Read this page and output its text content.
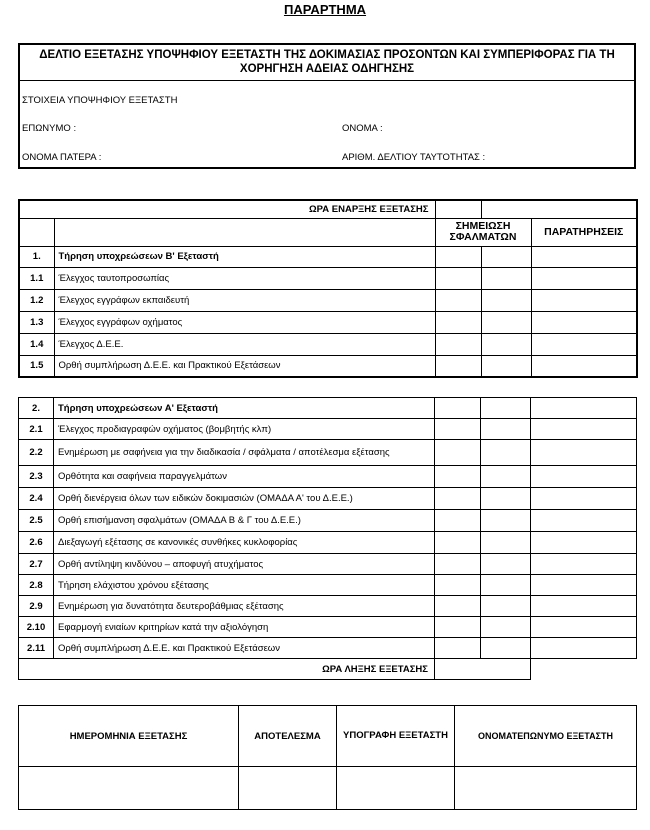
ΠΑΡΑΡΤΗΜΑ
ΔΕΛΤΙΟ ΕΞΕΤΑΣΗΣ ΥΠΟΨΗΦΙΟΥ ΕΞΕΤΑΣΤΗ ΤΗΣ ΔΟΚΙΜΑΣΙΑΣ ΠΡΟΣΟΝΤΩΝ ΚΑΙ ΣΥΜΠΕΡΙΦΟΡΑΣ ΓΙΑ ΤΗ ΧΟΡΗΓΗΣΗ ΑΔΕΙΑΣ ΟΔΗΓΗΣΗΣ
ΣΤΟΙΧΕΙΑ ΥΠΟΨΗΦΙΟΥ ΕΞΕΤΑΣΤΗ
ΕΠΩΝΥΜΟ :	ΟΝΟΜΑ :
ΟΝΟΜΑ ΠΑΤΕΡΑ :	ΑΡΙΘΜ. ΔΕΛΤΙΟΥ ΤΑΥΤΟΤΗΤΑΣ :
ΩΡΑ ΕΝΑΡΞΗΣ ΕΞΕΤΑΣΗΣ				
		ΣΗΜΕΙΩΣΗ ΣΦΑΛΜΑΤΩΝ		ΠΑΡΑΤΗΡΗΣΕΙΣ
1.	Τήρηση υποχρεώσεων Β' Εξεταστή			
1.1	Έλεγχος ταυτοπροσωπίας			
1.2	Έλεγχος εγγράφων εκπαιδευτή			
1.3	Έλεγχος εγγράφων οχήματος			
1.4	Έλεγχος Δ.Ε.Ε.			
1.5	Ορθή συμπλήρωση Δ.Ε.Ε. και Πρακτικού Εξετάσεων			
2.	Τήρηση υποχρεώσεων Α' Εξεταστή			
2.1	Έλεγχος προδιαγραφών οχήματος (βομβητής κλπ)			
2.2	Ενημέρωση με σαφήνεια για την διαδικασία / σφάλματα / αποτέλεσμα εξέτασης			
2.3	Ορθότητα και σαφήνεια παραγγελμάτων			
2.4	Ορθή διενέργεια όλων των ειδικών δοκιμασιών (ΟΜΑΔΑ Α' του Δ.Ε.Ε.)			
2.5	Ορθή επισήμανση σφαλμάτων (ΟΜΑΔΑ Β & Γ του Δ.Ε.Ε.)			
2.6	Διεξαγωγή εξέτασης σε κανονικές συνθήκες κυκλοφορίας			
2.7	Ορθή αντίληψη κινδύνου – αποφυγή ατυχήματος			
2.8	Τήρηση ελάχιστου χρόνου εξέτασης			
2.9	Ενημέρωση για δυνατότητα δευτεροβάθμιας εξέτασης			
2.10	Εφαρμογή ενιαίων κριτηρίων κατά την αξιολόγηση			
2.11	Ορθή συμπλήρωση Δ.Ε.Ε. και Πρακτικού Εξετάσεων			
ΩΡΑ ΛΗΞΗΣ ΕΞΕΤΑΣΗΣ				
ΗΜΕΡΟΜΗΝΙΑ ΕΞΕΤΑΣΗΣ	ΑΠΟΤΕΛΕΣΜΑ	ΥΠΟΓΡΑΦΗ ΕΞΕΤΑΣΤΗ	ΟΝΟΜΑΤΕΠΩΝΥΜΟ ΕΞΕΤΑΣΤΗ
